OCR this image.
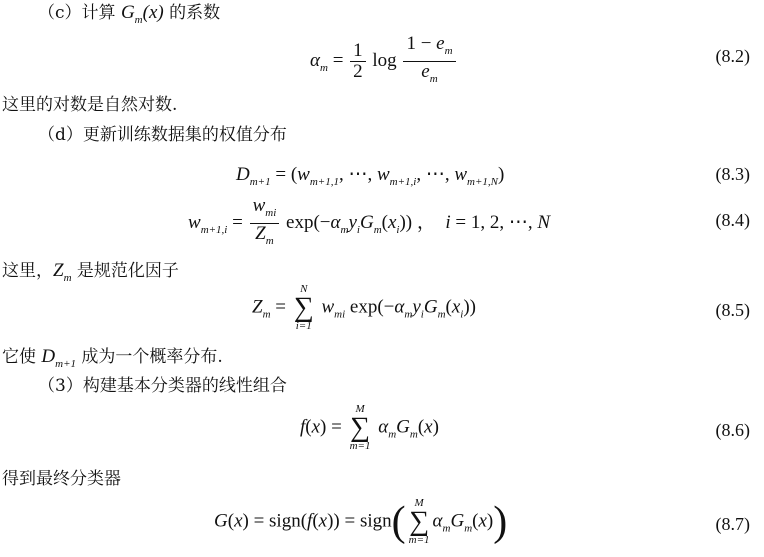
（c）计算 $G_m(x)$ 的系数
$\alpha_m = \frac{1}{2}$ $\log \frac{1 - e_m}{e_m}$	(8.2)
这里的对数是自然对数.
（d）更新训练数据集的权值分布
$D_{m+1} = (w_{m+1,1}$, ⋯, $w_{m+1,i}$, ⋯, $w_{m+1,N}$)	(8.3)
$w_{m+1,i} = \frac{w_{mi}}{Z_m} \exp(-\alpha_my_iG_m(x_i))$ ，  i = 1, 2, ⋯, N	(8.4)
这里，$Z_m$ 是规范化因子
$Z_m$ =
N
∑
i=1
$w_{mi}$ $\exp(-\alpha_my_iG_m(x_i))$	(8.5)
它使 $D_{m+1}$ 成为一个概率分布.
（3）构建基本分类器的线性组合
f(x) =
M
∑
m=1
$\alpha_mG_m(x)$	(8.6)
得到最终分类器
G(x) = sign(f(x)) = sign( M
∑
m=1
$\alpha_mG_m(x)$)	(8.7)
